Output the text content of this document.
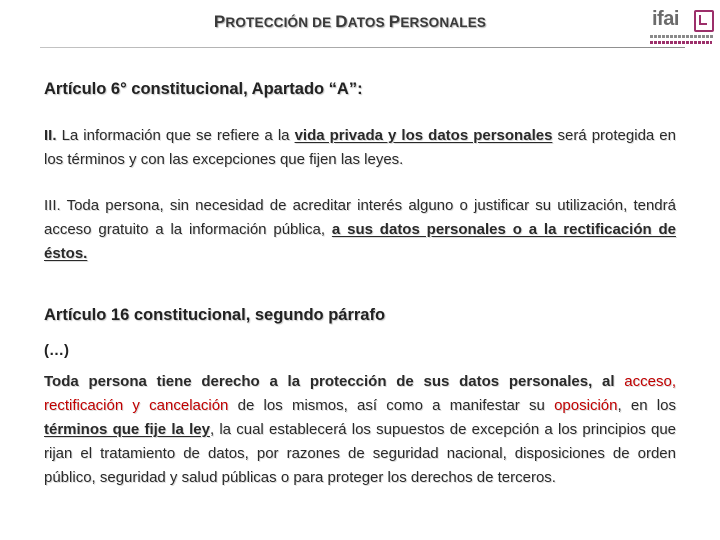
PROTECCIÓN DE DATOS PERSONALES	ifai
Artículo 6° constitucional, Apartado “A”:
II. La información que se refiere a la vida privada y los datos personales será protegida en los términos y con las excepciones que fijen las leyes.
III. Toda persona, sin necesidad de acreditar interés alguno o justificar su utilización, tendrá acceso gratuito a la información pública, a sus datos personales o a la rectificación de éstos.
Artículo 16 constitucional, segundo párrafo
(…)
Toda persona tiene derecho a la protección de sus datos personales, al acceso, rectificación y cancelación de los mismos, así como a manifestar su oposición, en los términos que fije la ley, la cual establecerá los supuestos de excepción a los principios que rijan el tratamiento de datos, por razones de seguridad nacional, disposiciones de orden público, seguridad y salud públicas o para proteger los derechos de terceros.
